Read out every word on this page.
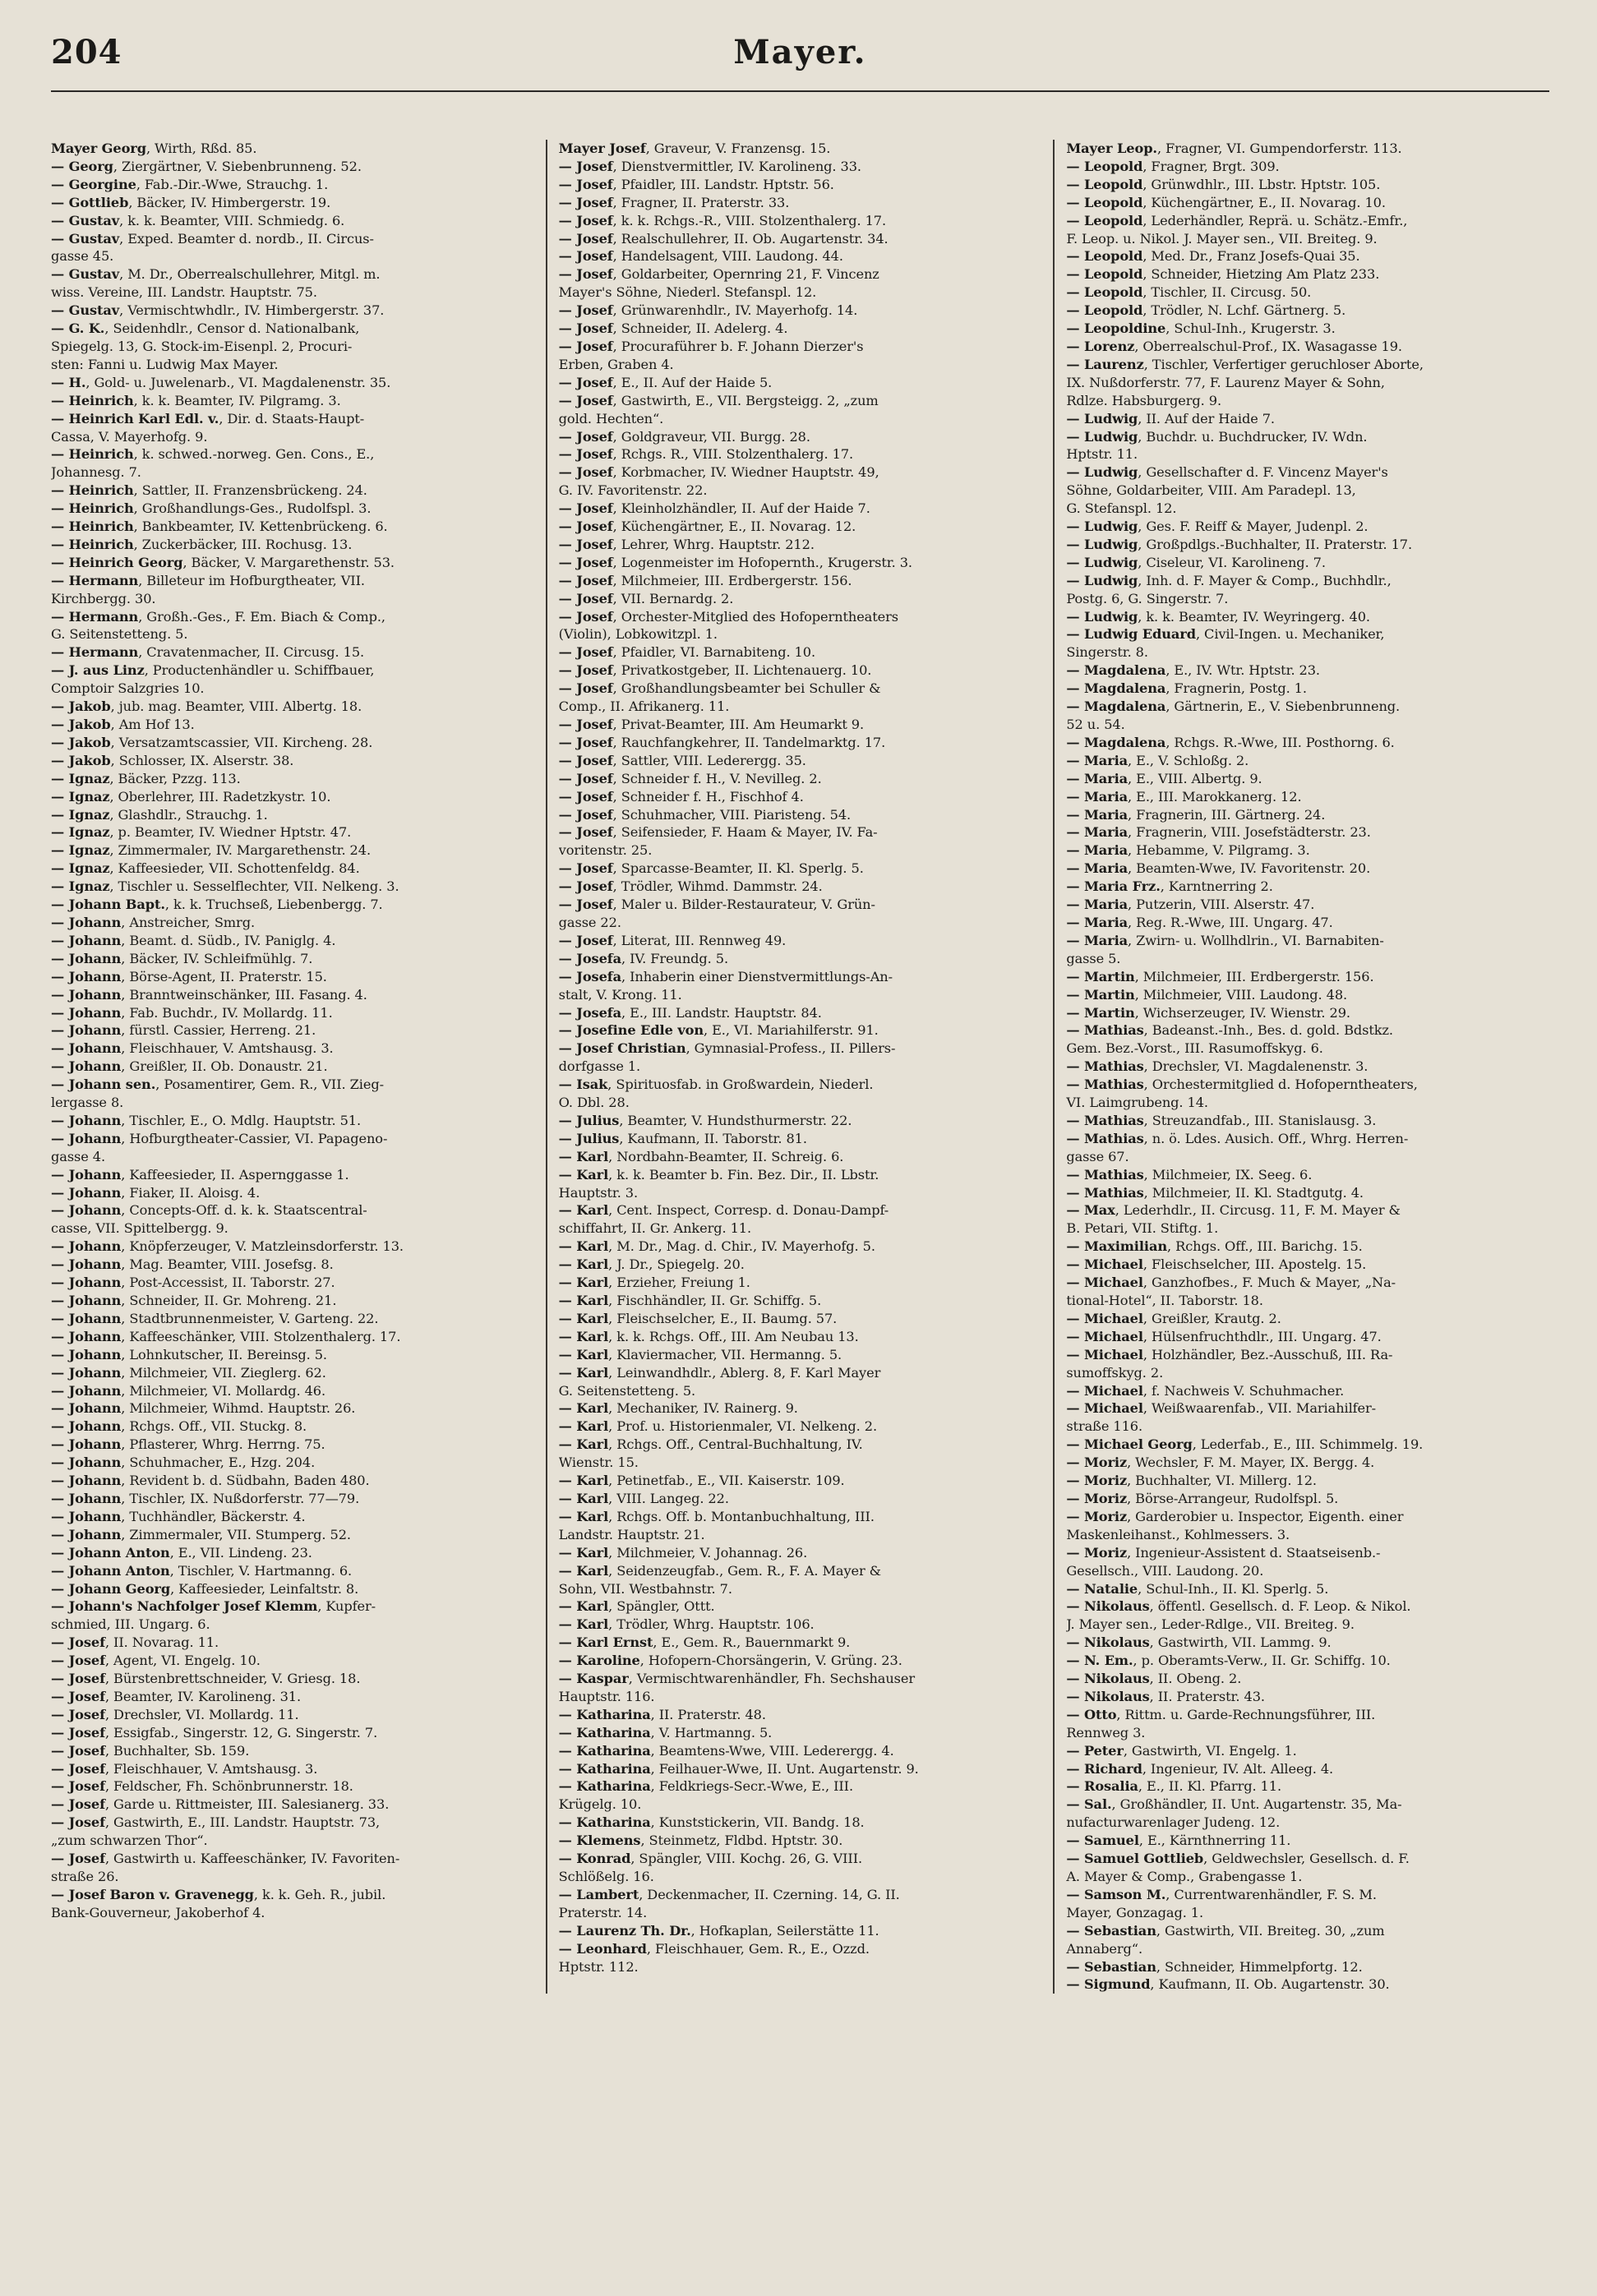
204	Mayer.
Mayer Georg, Wirth, Rßd. 85.
— Georg, Ziergärtner, V. Siebenbrunneng. 52.
— Georgine, Fab.-Dir.-Wwe, Strauchg. 1.
— Gottlieb, Bäcker, IV. Himbergerstr. 19.
— Gustav, k. k. Beamter, VIII. Schmiedg. 6.
— Gustav, Exped. Beamter d. nordb., II. Circus-
gasse 45.
— Gustav, M. Dr., Oberrealschullehrer, Mitgl. m.
wiss. Vereine, III. Landstr. Hauptstr. 75.
— Gustav, Vermischtwhdlr., IV. Himbergerstr. 37.
— G. K., Seidenhdlr., Censor d. Nationalbank,
Spiegelg. 13, G. Stock-im-Eisenpl. 2, Procuri-
sten: Fanni u. Ludwig Max Mayer.
— H., Gold- u. Juwelenarb., VI. Magdalenenstr. 35.
— Heinrich, k. k. Beamter, IV. Pilgramg. 3.
— Heinrich Karl Edl. v., Dir. d. Staats-Haupt-
Cassa, V. Mayerhofg. 9.
— Heinrich, k. schwed.-norweg. Gen. Cons., E.,
Johannesg. 7.
— Heinrich, Sattler, II. Franzensbrückeng. 24.
— Heinrich, Großhandlungs-Ges., Rudolfspl. 3.
— Heinrich, Bankbeamter, IV. Kettenbrückeng. 6.
— Heinrich, Zuckerbäcker, III. Rochusg. 13.
— Heinrich Georg, Bäcker, V. Margarethenstr. 53.
— Hermann, Billeteur im Hofburgtheater, VII.
Kirchbergg. 30.
— Hermann, Großh.-Ges., F. Em. Biach & Comp.,
G. Seitenstetteng. 5.
— Hermann, Cravatenmacher, II. Circusg. 15.
— J. aus Linz, Productenhändler u. Schiffbauer,
Comptoir Salzgries 10.
— Jakob, jub. mag. Beamter, VIII. Albertg. 18.
— Jakob, Am Hof 13.
— Jakob, Versatzamtscassier, VII. Kircheng. 28.
— Jakob, Schlosser, IX. Alserstr. 38.
— Ignaz, Bäcker, Pzzg. 113.
— Ignaz, Oberlehrer, III. Radetzkystr. 10.
— Ignaz, Glashdlr., Strauchg. 1.
— Ignaz, p. Beamter, IV. Wiedner Hptstr. 47.
— Ignaz, Zimmermaler, IV. Margarethenstr. 24.
— Ignaz, Kaffeesieder, VII. Schottenfeldg. 84.
— Ignaz, Tischler u. Sesselflechter, VII. Nelkeng. 3.
— Johann Bapt., k. k. Truchseß, Liebenbergg. 7.
— Johann, Anstreicher, Smrg.
— Johann, Beamt. d. Südb., IV. Paniglg. 4.
— Johann, Bäcker, IV. Schleifmühlg. 7.
— Johann, Börse-Agent, II. Praterstr. 15.
— Johann, Branntweinschänker, III. Fasang. 4.
— Johann, Fab. Buchdr., IV. Mollardg. 11.
— Johann, fürstl. Cassier, Herreng. 21.
— Johann, Fleischhauer, V. Amtshausg. 3.
— Johann, Greißler, II. Ob. Donaustr. 21.
— Johann sen., Posamentirer, Gem. R., VII. Zieg-
lergasse 8.
— Johann, Tischler, E., O. Mdlg. Hauptstr. 51.
— Johann, Hofburgtheater-Cassier, VI. Papageno-
gasse 4.
— Johann, Kaffeesieder, II. Aspernggasse 1.
— Johann, Fiaker, II. Aloisg. 4.
— Johann, Concepts-Off. d. k. k. Staatscentral-
casse, VII. Spittelbergg. 9.
— Johann, Knöpferzeuger, V. Matzleinsdorferstr. 13.
— Johann, Mag. Beamter, VIII. Josefsg. 8.
— Johann, Post-Accessist, II. Taborstr. 27.
— Johann, Schneider, II. Gr. Mohreng. 21.
— Johann, Stadtbrunnenmeister, V. Garteng. 22.
— Johann, Kaffeeschänker, VIII. Stolzenthalerg. 17.
— Johann, Lohnkutscher, II. Bereinsg. 5.
— Johann, Milchmeier, VII. Zieglerg. 62.
— Johann, Milchmeier, VI. Mollardg. 46.
— Johann, Milchmeier, Wihmd. Hauptstr. 26.
— Johann, Rchgs. Off., VII. Stuckg. 8.
— Johann, Pflasterer, Whrg. Herrng. 75.
— Johann, Schuhmacher, E., Hzg. 204.
— Johann, Revident b. d. Südbahn, Baden 480.
— Johann, Tischler, IX. Nußdorferstr. 77—79.
— Johann, Tuchhändler, Bäckerstr. 4.
— Johann, Zimmermaler, VII. Stumperg. 52.
— Johann Anton, E., VII. Lindeng. 23.
— Johann Anton, Tischler, V. Hartmanng. 6.
— Johann Georg, Kaffeesieder, Leinfaltstr. 8.
— Johann's Nachfolger Josef Klemm, Kupfer-
schmied, III. Ungarg. 6.
— Josef, II. Novarag. 11.
— Josef, Agent, VI. Engelg. 10.
— Josef, Bürstenbrettschneider, V. Griesg. 18.
— Josef, Beamter, IV. Karolineng. 31.
— Josef, Drechsler, VI. Mollardg. 11.
— Josef, Essigfab., Singerstr. 12, G. Singerstr. 7.
— Josef, Buchhalter, Sb. 159.
— Josef, Fleischhauer, V. Amtshausg. 3.
— Josef, Feldscher, Fh. Schönbrunnerstr. 18.
— Josef, Garde u. Rittmeister, III. Salesianerg. 33.
— Josef, Gastwirth, E., III. Landstr. Hauptstr. 73,
„zum schwarzen Thor“.
— Josef, Gastwirth u. Kaffeeschänker, IV. Favoriten-
straße 26.
— Josef Baron v. Gravenegg, k. k. Geh. R., jubil.
Bank-Gouverneur, Jakoberhof 4.
Mayer Josef, Graveur, V. Franzensg. 15.
— Josef, Dienstvermittler, IV. Karolineng. 33.
— Josef, Pfaidler, III. Landstr. Hptstr. 56.
— Josef, Fragner, II. Praterstr. 33.
— Josef, k. k. Rchgs.-R., VIII. Stolzenthalerg. 17.
— Josef, Realschullehrer, II. Ob. Augartenstr. 34.
— Josef, Handelsagent, VIII. Laudong. 44.
— Josef, Goldarbeiter, Opernring 21, F. Vincenz
Mayer's Söhne, Niederl. Stefanspl. 12.
— Josef, Grünwarenhdlr., IV. Mayerhofg. 14.
— Josef, Schneider, II. Adelerg. 4.
— Josef, Procuraführer b. F. Johann Dierzer's
Erben, Graben 4.
— Josef, E., II. Auf der Haide 5.
— Josef, Gastwirth, E., VII. Bergsteigg. 2, „zum
gold. Hechten“.
— Josef, Goldgraveur, VII. Burgg. 28.
— Josef, Rchgs. R., VIII. Stolzenthalerg. 17.
— Josef, Korbmacher, IV. Wiedner Hauptstr. 49,
G. IV. Favoritenstr. 22.
— Josef, Kleinholzhändler, II. Auf der Haide 7.
— Josef, Küchengärtner, E., II. Novarag. 12.
— Josef, Lehrer, Whrg. Hauptstr. 212.
— Josef, Logenmeister im Hofopernth., Krugerstr. 3.
— Josef, Milchmeier, III. Erdbergerstr. 156.
— Josef, VII. Bernardg. 2.
— Josef, Orchester-Mitglied des Hofoperntheaters
(Violin), Lobkowitzpl. 1.
— Josef, Pfaidler, VI. Barnabiteng. 10.
— Josef, Privatkostgeber, II. Lichtenauerg. 10.
— Josef, Großhandlungsbeamter bei Schuller &
Comp., II. Afrikanerg. 11.
— Josef, Privat-Beamter, III. Am Heumarkt 9.
— Josef, Rauchfangkehrer, II. Tandelmarktg. 17.
— Josef, Sattler, VIII. Lederergg. 35.
— Josef, Schneider f. H., V. Nevilleg. 2.
— Josef, Schneider f. H., Fischhof 4.
— Josef, Schuhmacher, VIII. Piaristeng. 54.
— Josef, Seifensieder, F. Haam & Mayer, IV. Fa-
voritenstr. 25.
— Josef, Sparcasse-Beamter, II. Kl. Sperlg. 5.
— Josef, Trödler, Wihmd. Dammstr. 24.
— Josef, Maler u. Bilder-Restaurateur, V. Grün-
gasse 22.
— Josef, Literat, III. Rennweg 49.
— Josefa, IV. Freundg. 5.
— Josefa, Inhaberin einer Dienstvermittlungs-An-
stalt, V. Krong. 11.
— Josefa, E., III. Landstr. Hauptstr. 84.
— Josefine Edle von, E., VI. Mariahilferstr. 91.
— Josef Christian, Gymnasial-Profess., II. Pillers-
dorfgasse 1.
— Isak, Spirituosfab. in Großwardein, Niederl.
O. Dbl. 28.
— Julius, Beamter, V. Hundsthurmerstr. 22.
— Julius, Kaufmann, II. Taborstr. 81.
— Karl, Nordbahn-Beamter, II. Schreig. 6.
— Karl, k. k. Beamter b. Fin. Bez. Dir., II. Lbstr.
Hauptstr. 3.
— Karl, Cent. Inspect, Corresp. d. Donau-Dampf-
schiffahrt, II. Gr. Ankerg. 11.
— Karl, M. Dr., Mag. d. Chir., IV. Mayerhofg. 5.
— Karl, J. Dr., Spiegelg. 20.
— Karl, Erzieher, Freiung 1.
— Karl, Fischhändler, II. Gr. Schiffg. 5.
— Karl, Fleischselcher, E., II. Baumg. 57.
— Karl, k. k. Rchgs. Off., III. Am Neubau 13.
— Karl, Klaviermacher, VII. Hermanng. 5.
— Karl, Leinwandhdlr., Ablerg. 8, F. Karl Mayer
G. Seitenstetteng. 5.
— Karl, Mechaniker, IV. Rainerg. 9.
— Karl, Prof. u. Historienmaler, VI. Nelkeng. 2.
— Karl, Rchgs. Off., Central-Buchhaltung, IV.
Wienstr. 15.
— Karl, Petinetfab., E., VII. Kaiserstr. 109.
— Karl, VIII. Langeg. 22.
— Karl, Rchgs. Off. b. Montanbuchhaltung, III.
Landstr. Hauptstr. 21.
— Karl, Milchmeier, V. Johannag. 26.
— Karl, Seidenzeugfab., Gem. R., F. A. Mayer &
Sohn, VII. Westbahnstr. 7.
— Karl, Spängler, Ottt.
— Karl, Trödler, Whrg. Hauptstr. 106.
— Karl Ernst, E., Gem. R., Bauernmarkt 9.
— Karoline, Hofopern-Chorsängerin, V. Grüng. 23.
— Kaspar, Vermischtwarenhändler, Fh. Sechshauser
Hauptstr. 116.
— Katharina, II. Praterstr. 48.
— Katharina, V. Hartmanng. 5.
— Katharina, Beamtens-Wwe, VIII. Lederergg. 4.
— Katharina, Feilhauer-Wwe, II. Unt. Augartenstr. 9.
— Katharina, Feldkriegs-Secr.-Wwe, E., III.
Krügelg. 10.
— Katharina, Kunststickerin, VII. Bandg. 18.
— Klemens, Steinmetz, Fldbd. Hptstr. 30.
— Konrad, Spängler, VIII. Kochg. 26, G. VIII.
Schlößelg. 16.
— Lambert, Deckenmacher, II. Czerning. 14, G. II.
Praterstr. 14.
— Laurenz Th. Dr., Hofkaplan, Seilerstätte 11.
— Leonhard, Fleischhauer, Gem. R., E., Ozzd.
Hptstr. 112.
Mayer Leop., Fragner, VI. Gumpendorferstr. 113.
— Leopold, Fragner, Brgt. 309.
— Leopold, Grünwdhlr., III. Lbstr. Hptstr. 105.
— Leopold, Küchengärtner, E., II. Novarag. 10.
— Leopold, Lederhändler, Reprä. u. Schätz.-Emfr.,
F. Leop. u. Nikol. J. Mayer sen., VII. Breiteg. 9.
— Leopold, Med. Dr., Franz Josefs-Quai 35.
— Leopold, Schneider, Hietzing Am Platz 233.
— Leopold, Tischler, II. Circusg. 50.
— Leopold, Trödler, N. Lchf. Gärtnerg. 5.
— Leopoldine, Schul-Inh., Krugerstr. 3.
— Lorenz, Oberrealschul-Prof., IX. Wasagasse 19.
— Laurenz, Tischler, Verfertiger geruchloser Aborte,
IX. Nußdorferstr. 77, F. Laurenz Mayer & Sohn,
Rdlze. Habsburgerg. 9.
— Ludwig, II. Auf der Haide 7.
— Ludwig, Buchdr. u. Buchdrucker, IV. Wdn.
Hptstr. 11.
— Ludwig, Gesellschafter d. F. Vincenz Mayer's
Söhne, Goldarbeiter, VIII. Am Paradepl. 13,
G. Stefanspl. 12.
— Ludwig, Ges. F. Reiff & Mayer, Judenpl. 2.
— Ludwig, Großpdlgs.-Buchhalter, II. Praterstr. 17.
— Ludwig, Ciseleur, VI. Karolineng. 7.
— Ludwig, Inh. d. F. Mayer & Comp., Buchhdlr.,
Postg. 6, G. Singerstr. 7.
— Ludwig, k. k. Beamter, IV. Weyringerg. 40.
— Ludwig Eduard, Civil-Ingen. u. Mechaniker,
Singerstr. 8.
— Magdalena, E., IV. Wtr. Hptstr. 23.
— Magdalena, Fragnerin, Postg. 1.
— Magdalena, Gärtnerin, E., V. Siebenbrunneng.
52 u. 54.
— Magdalena, Rchgs. R.-Wwe, III. Posthorng. 6.
— Maria, E., V. Schloßg. 2.
— Maria, E., VIII. Albertg. 9.
— Maria, E., III. Marokkanerg. 12.
— Maria, Fragnerin, III. Gärtnerg. 24.
— Maria, Fragnerin, VIII. Josefstädterstr. 23.
— Maria, Hebamme, V. Pilgramg. 3.
— Maria, Beamten-Wwe, IV. Favoritenstr. 20.
— Maria Frz., Karntnerring 2.
— Maria, Putzerin, VIII. Alserstr. 47.
— Maria, Reg. R.-Wwe, III. Ungarg. 47.
— Maria, Zwirn- u. Wollhdlrin., VI. Barnabiten-
gasse 5.
— Martin, Milchmeier, III. Erdbergerstr. 156.
— Martin, Milchmeier, VIII. Laudong. 48.
— Martin, Wichserzeuger, IV. Wienstr. 29.
— Mathias, Badeanst.-Inh., Bes. d. gold. Bdstkz.
Gem. Bez.-Vorst., III. Rasumoffskyg. 6.
— Mathias, Drechsler, VI. Magdalenenstr. 3.
— Mathias, Orchestermitglied d. Hofoperntheaters,
VI. Laimgrubeng. 14.
— Mathias, Streuzandfab., III. Stanislausg. 3.
— Mathias, n. ö. Ldes. Ausich. Off., Whrg. Herren-
gasse 67.
— Mathias, Milchmeier, IX. Seeg. 6.
— Mathias, Milchmeier, II. Kl. Stadtgutg. 4.
— Max, Lederhdlr., II. Circusg. 11, F. M. Mayer &
B. Petari, VII. Stiftg. 1.
— Maximilian, Rchgs. Off., III. Barichg. 15.
— Michael, Fleischselcher, III. Apostelg. 15.
— Michael, Ganzhofbes., F. Much & Mayer, „Na-
tional-Hotel“, II. Taborstr. 18.
— Michael, Greißler, Krautg. 2.
— Michael, Hülsenfruchthdlr., III. Ungarg. 47.
— Michael, Holzhändler, Bez.-Ausschuß, III. Ra-
sumoffskyg. 2.
— Michael, f. Nachweis V. Schuhmacher.
— Michael, Weißwaarenfab., VII. Mariahilfer-
straße 116.
— Michael Georg, Lederfab., E., III. Schimmelg. 19.
— Moriz, Wechsler, F. M. Mayer, IX. Bergg. 4.
— Moriz, Buchhalter, VI. Millerg. 12.
— Moriz, Börse-Arrangeur, Rudolfspl. 5.
— Moriz, Garderobier u. Inspector, Eigenth. einer
Maskenleihanst., Kohlmessers. 3.
— Moriz, Ingenieur-Assistent d. Staatseisenb.-
Gesellsch., VIII. Laudong. 20.
— Natalie, Schul-Inh., II. Kl. Sperlg. 5.
— Nikolaus, öffentl. Gesellsch. d. F. Leop. & Nikol.
J. Mayer sen., Leder-Rdlge., VII. Breiteg. 9.
— Nikolaus, Gastwirth, VII. Lammg. 9.
— N. Em., p. Oberamts-Verw., II. Gr. Schiffg. 10.
— Nikolaus, II. Obeng. 2.
— Nikolaus, II. Praterstr. 43.
— Otto, Rittm. u. Garde-Rechnungsführer, III.
Rennweg 3.
— Peter, Gastwirth, VI. Engelg. 1.
— Richard, Ingenieur, IV. Alt. Alleeg. 4.
— Rosalia, E., II. Kl. Pfarrg. 11.
— Sal., Großhändler, II. Unt. Augartenstr. 35, Ma-
nufacturwarenlager Judeng. 12.
— Samuel, E., Kärnthnerring 11.
— Samuel Gottlieb, Geldwechsler, Gesellsch. d. F.
A. Mayer & Comp., Grabengasse 1.
— Samson M., Currentwarenhändler, F. S. M.
Mayer, Gonzagag. 1.
— Sebastian, Gastwirth, VII. Breiteg. 30, „zum
Annaberg“.
— Sebastian, Schneider, Himmelpfortg. 12.
— Sigmund, Kaufmann, II. Ob. Augartenstr. 30.
